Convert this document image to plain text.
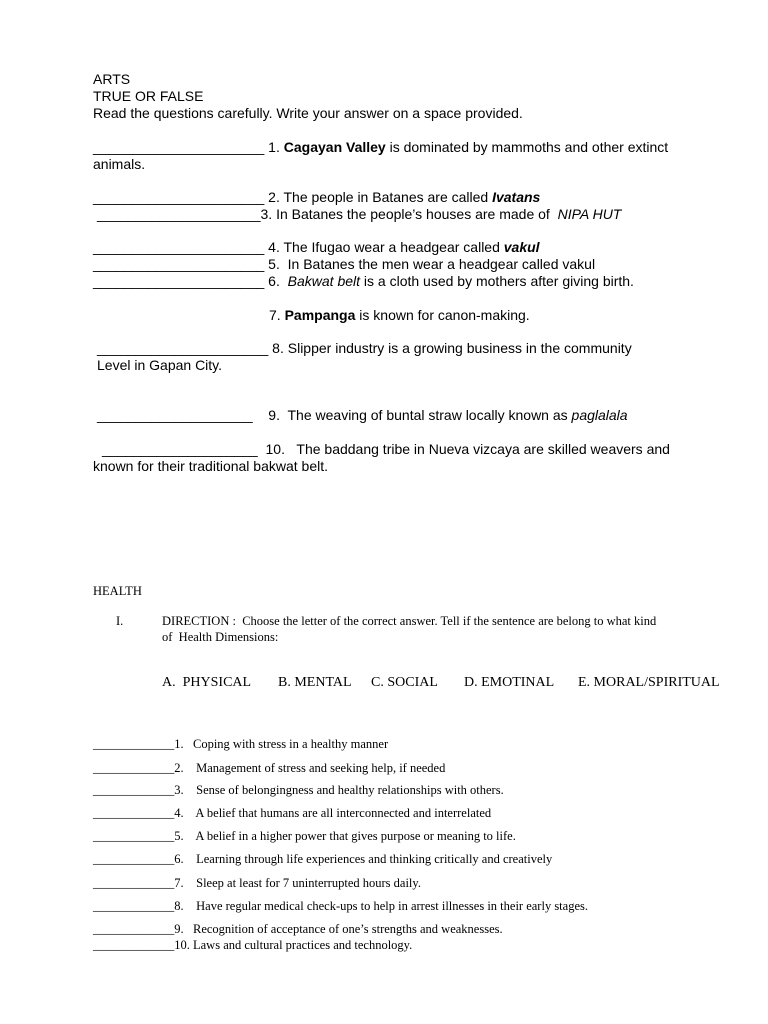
ARTS
TRUE OR FALSE
Read the questions carefully. Write your answer on a space provided.
______________________ 1. Cagayan Valley is dominated by mammoths and other extinct
animals.
______________________ 2. The people in Batanes are called Ivatans
_____________________3. In Batanes the people’s houses are made of  NIPA HUT
______________________ 4. The Ifugao wear a headgear called vakul
______________________ 5.  In Batanes the men wear a headgear called vakul
______________________ 6.  Bakwat belt is a cloth used by mothers after giving birth.
7. Pampanga is known for canon-making.
______________________ 8. Slipper industry is a growing business in the community
Level in Gapan City.
____________________    9.  The weaving of buntal straw locally known as paglalala
____________________  10.   The baddang tribe in Nueva vizcaya are skilled weavers and
known for their traditional bakwat belt.
HEALTH
I.	DIRECTION :  Choose the letter of the correct answer. Tell if the sentence are belong to what kind
of  Health Dimensions:
A.  PHYSICAL B. MENTAL C. SOCIAL D. EMOTINAL E. MORAL/SPIRITUAL
_____________1.   Coping with stress in a healthy manner
_____________2.    Management of stress and seeking help, if needed
_____________3.    Sense of belongingness and healthy relationships with others.
_____________4.    A belief that humans are all interconnected and interrelated
_____________5.    A belief in a higher power that gives purpose or meaning to life.
_____________6.    Learning through life experiences and thinking critically and creatively
_____________7.    Sleep at least for 7 uninterrupted hours daily.
_____________8.    Have regular medical check-ups to help in arrest illnesses in their early stages.
_____________9.   Recognition of acceptance of one’s strengths and weaknesses.
_____________10. Laws and cultural practices and technology.
